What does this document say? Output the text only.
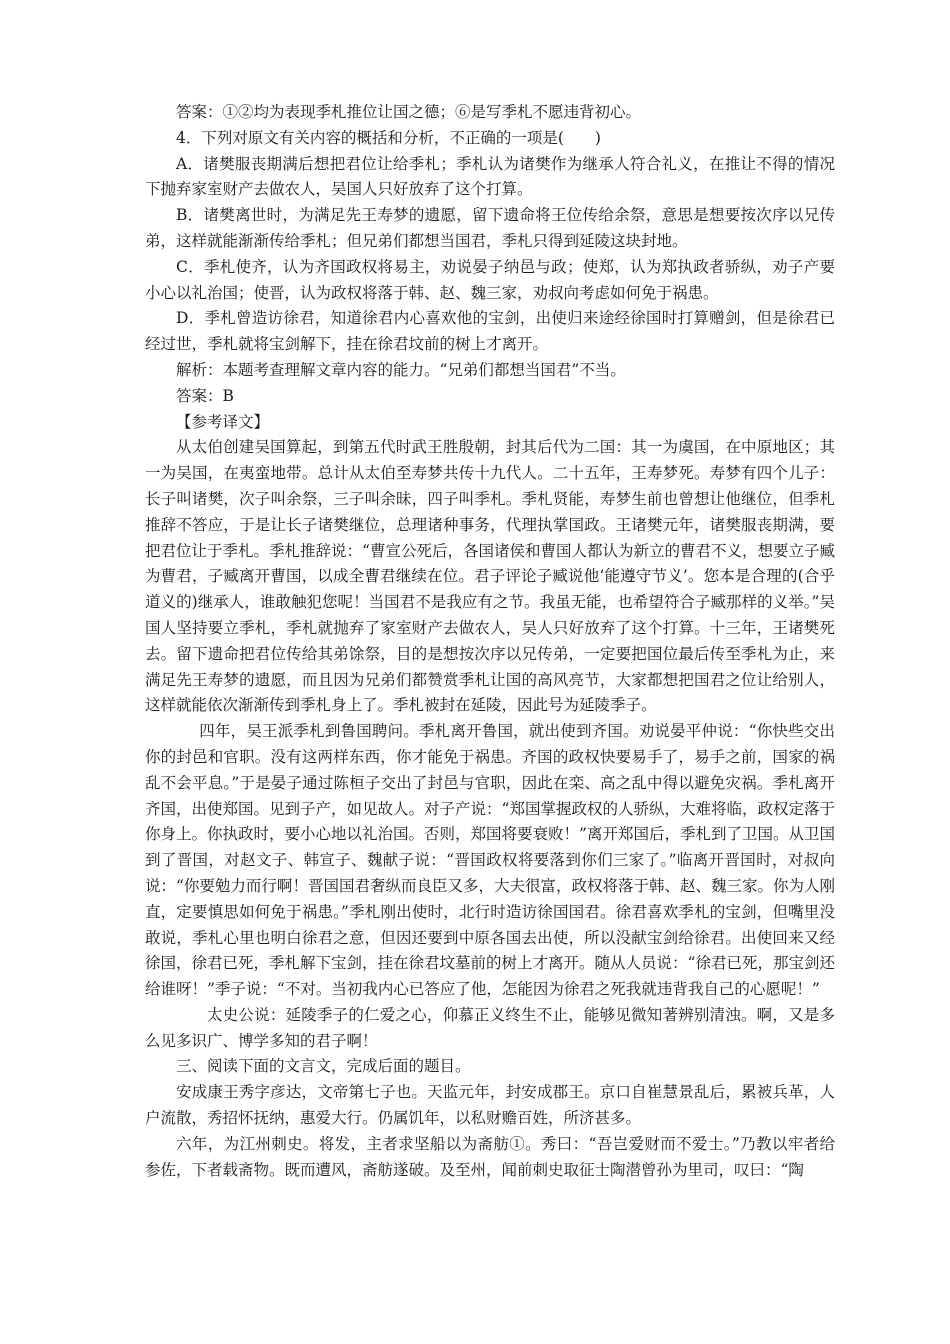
答案：①②均为表现季札推位让国之德；⑥是写季札不愿违背初心。

4．下列对原文有关内容的概括和分析，不正确的一项是(　　)

A．诸樊服丧期满后想把君位让给季札；季札认为诸樊作为继承人符合礼义，在推让不得的情况下抛弃家室财产去做农人，吴国人只好放弃了这个打算。

B．诸樊离世时，为满足先王寿梦的遗愿，留下遗命将王位传给余祭，意思是想要按次序以兄传弟，这样就能渐渐传给季札；但兄弟们都想当国君，季札只得到延陵这块封地。

C．季札使齐，认为齐国政权将易主，劝说晏子纳邑与政；使郑，认为郑执政者骄纵，劝子产要小心以礼治国；使晋，认为政权将落于韩、赵、魏三家，劝叔向考虑如何免于祸患。

D．季札曾造访徐君，知道徐君内心喜欢他的宝剑，出使归来途经徐国时打算赠剑，但是徐君已经过世，季札就将宝剑解下，挂在徐君坟前的树上才离开。

解析：本题考查理解文章内容的能力。“兄弟们都想当国君”不当。

答案：B

【参考译文】

从太伯创建吴国算起，到第五代时武王胜殷朝，封其后代为二国：其一为虞国，在中原地区；其一为吴国，在夷蛮地带。总计从太伯至寿梦共传十九代人。二十五年，王寿梦死。寿梦有四个儿子：长子叫诸樊，次子叫余祭，三子叫余昧，四子叫季札。季札贤能，寿梦生前也曾想让他继位，但季札推辞不答应，于是让长子诸樊继位，总理诸种事务，代理执掌国政。王诸樊元年，诸樊服丧期满，要把君位让于季札。季札推辞说：“曹宣公死后，各国诸侯和曹国人都认为新立的曹君不义，想要立子臧为曹君，子臧离开曹国，以成全曹君继续在位。君子评论子臧说他‘能遵守节义’。您本是合理的(合乎道义的)继承人，谁敢触犯您呢！当国君不是我应有之节。我虽无能，也希望符合子臧那样的义举。”吴国人坚持要立季札，季札就抛弃了家室财产去做农人，吴人只好放弃了这个打算。十三年，王诸樊死去。留下遗命把君位传给其弟馀祭，目的是想按次序以兄传弟，一定要把国位最后传至季札为止，来满足先王寿梦的遗愿，而且因为兄弟们都赞赏季札让国的高风亮节，大家都想把国君之位让给别人，这样就能依次渐渐传到季札身上了。季札被封在延陵，因此号为延陵季子。

四年，吴王派季札到鲁国聘问。季札离开鲁国，就出使到齐国。劝说晏平仲说：“你快些交出你的封邑和官职。没有这两样东西，你才能免于祸患。齐国的政权快要易手了，易手之前，国家的祸乱不会平息。”于是晏子通过陈桓子交出了封邑与官职，因此在栾、高之乱中得以避免灾祸。季札离开齐国，出使郑国。见到子产，如见故人。对子产说：“郑国掌握政权的人骄纵，大难将临，政权定落于你身上。你执政时，要小心地以礼治国。否则，郑国将要衰败！”离开郑国后，季札到了卫国。从卫国到了晋国，对赵文子、韩宣子、魏献子说：“晋国政权将要落到你们三家了。”临离开晋国时，对叔向说：“你要勉力而行啊！晋国国君奢纵而良臣又多，大夫很富，政权将落于韩、赵、魏三家。你为人刚直，定要慎思如何免于祸患。”季札刚出使时，北行时造访徐国国君。徐君喜欢季札的宝剑，但嘴里没敢说，季札心里也明白徐君之意，但因还要到中原各国去出使，所以没献宝剑给徐君。出使回来又经徐国，徐君已死，季札解下宝剑，挂在徐君坟墓前的树上才离开。随从人员说：“徐君已死，那宝剑还给谁呀！”季子说：“不对。当初我内心已答应了他，怎能因为徐君之死我就违背我自己的心愿呢！”

太史公说：延陵季子的仁爱之心，仰慕正义终生不止，能够见微知著辨别清浊。啊，又是多么见多识广、博学多知的君子啊！

三、阅读下面的文言文，完成后面的题目。

安成康王秀字彦达，文帝第七子也。天监元年，封安成郡王。京口自崔慧景乱后，累被兵革，人户流散，秀招怀抚纳，惠爱大行。仍属饥年，以私财赡百姓，所济甚多。

六年，为江州刺史。将发，主者求坚船以为斋舫①。秀曰：“吾岂爱财而不爱士。”乃教以牢者给参佐，下者载斋物。既而遭风，斋舫遂破。及至州，闻前刺史取征士陶潜曾孙为里司，叹曰：“陶
